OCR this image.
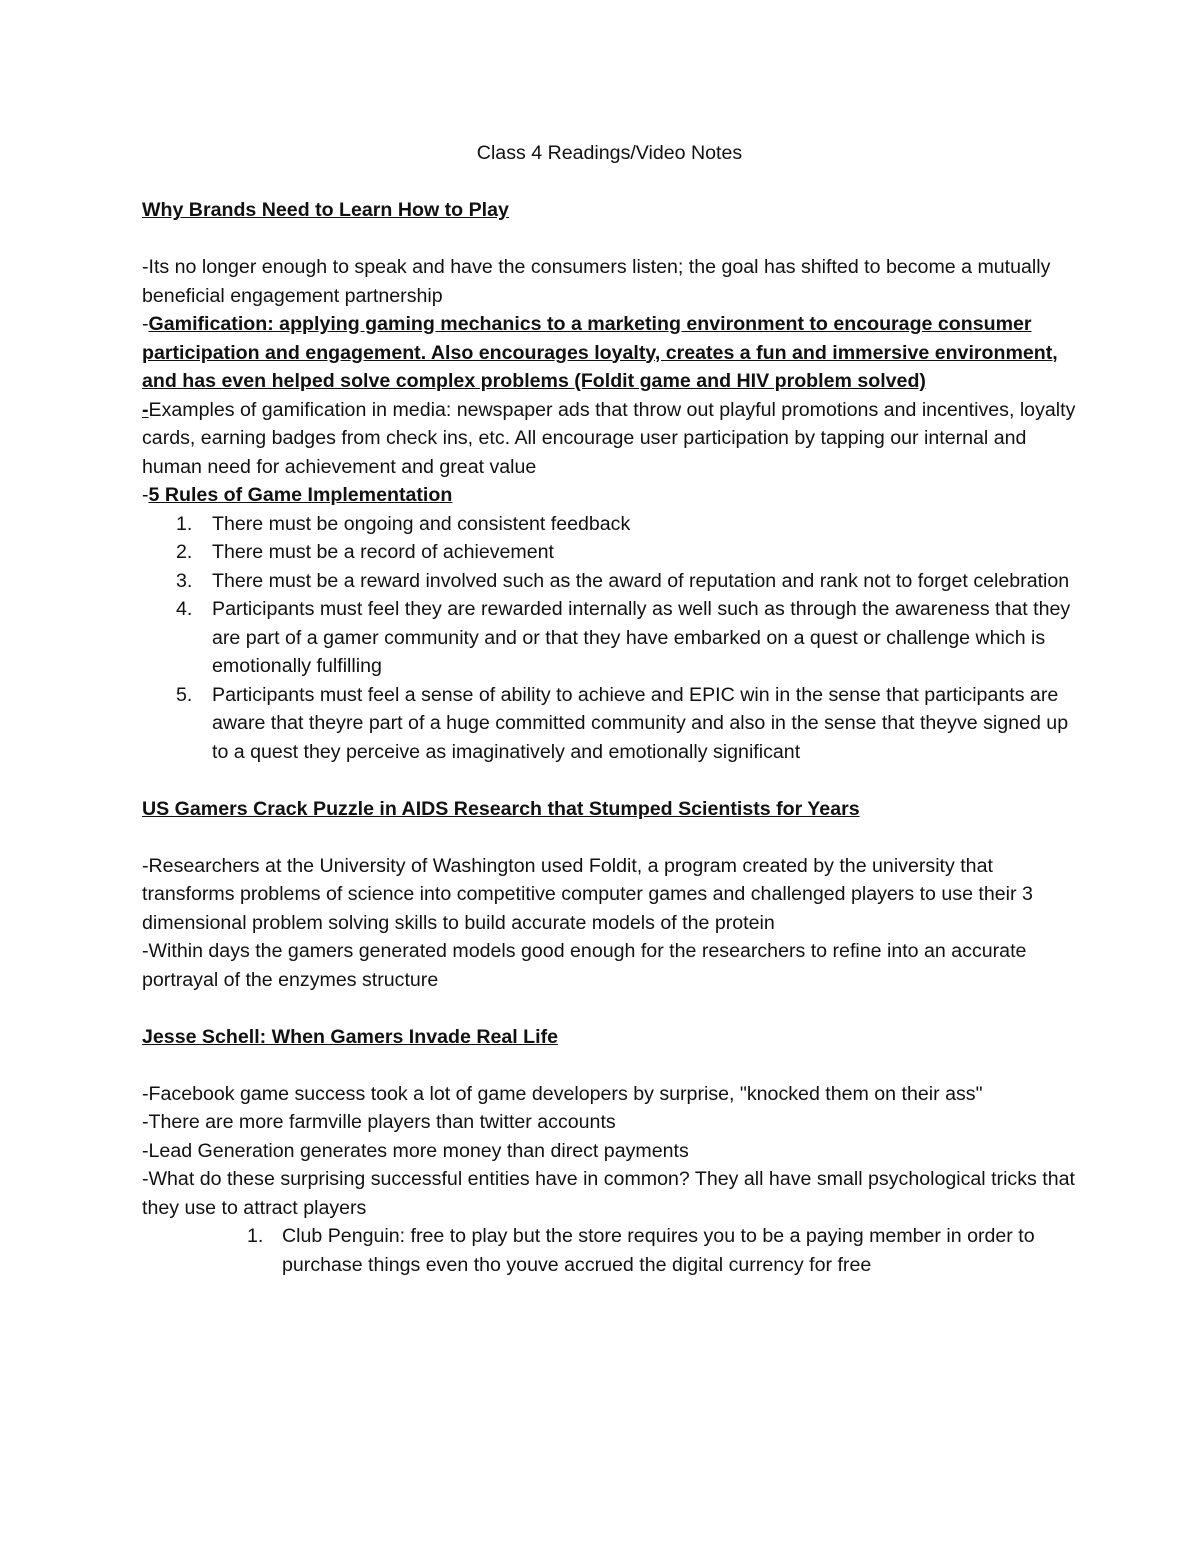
Class 4 Readings/Video Notes

Why Brands Need to Learn How to Play

-Its no longer enough to speak and have the consumers listen; the goal has shifted to become a mutually beneficial engagement partnership

-Gamification: applying gaming mechanics to a marketing environment to encourage consumer participation and engagement. Also encourages loyalty, creates a fun and immersive environment, and has even helped solve complex problems (Foldit game and HIV problem solved)

-Examples of gamification in media: newspaper ads that throw out playful promotions and incentives, loyalty cards, earning badges from check ins, etc. All encourage user participation by tapping our internal and human need for achievement and great value

-5 Rules of Game Implementation

1. There must be ongoing and consistent feedback
2. There must be a record of achievement
3. There must be a reward involved such as the award of reputation and rank not to forget celebration
4. Participants must feel they are rewarded internally as well such as through the awareness that they are part of a gamer community and or that they have embarked on a quest or challenge which is emotionally fulfilling
5. Participants must feel a sense of ability to achieve and EPIC win in the sense that participants are aware that theyre part of a huge committed community and also in the sense that theyve signed up to a quest they perceive as imaginatively and emotionally significant

US Gamers Crack Puzzle in AIDS Research that Stumped Scientists for Years

-Researchers at the University of Washington used Foldit, a program created by the university that transforms problems of science into competitive computer games and challenged players to use their 3 dimensional problem solving skills to build accurate models of the protein

-Within days the gamers generated models good enough for the researchers to refine into an accurate portrayal of the enzymes structure

Jesse Schell: When Gamers Invade Real Life

-Facebook game success took a lot of game developers by surprise, "knocked them on their ass"

-There are more farmville players than twitter accounts

-Lead Generation generates more money than direct payments

-What do these surprising successful entities have in common? They all have small psychological tricks that they use to attract players

1. Club Penguin: free to play but the store requires you to be a paying member in order to purchase things even tho youve accrued the digital currency for free
